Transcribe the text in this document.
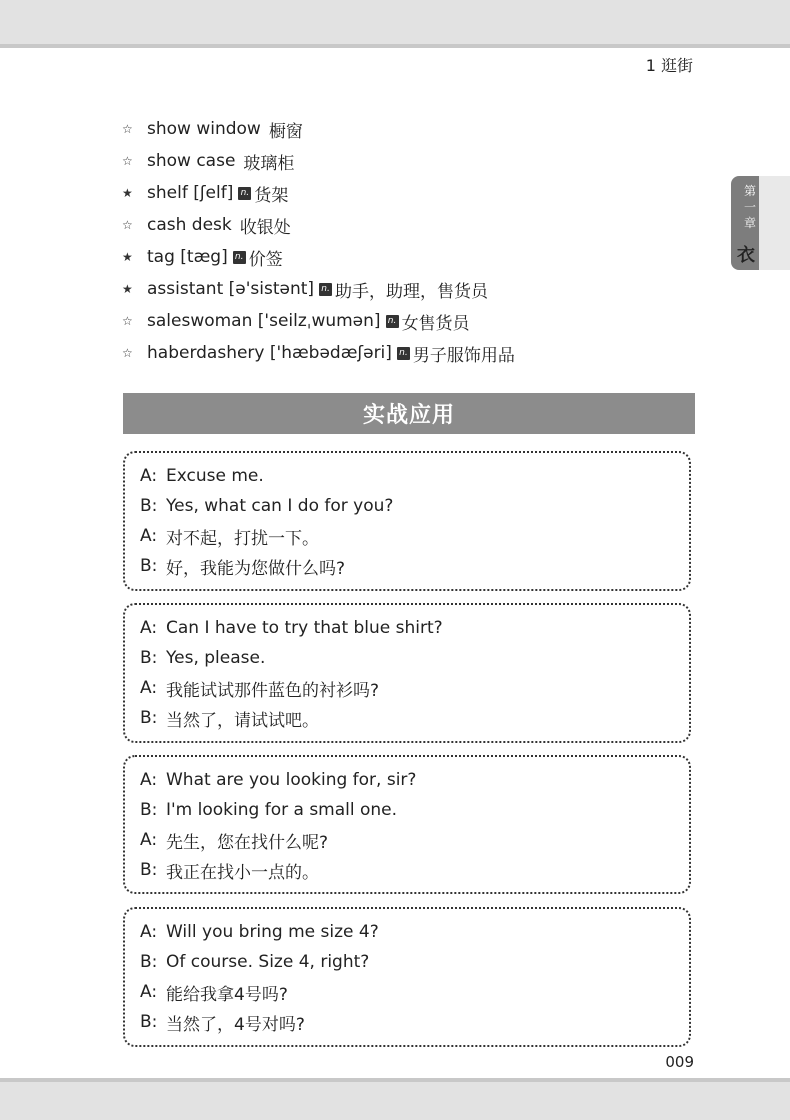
1 逛街
第
一
章
衣
☆ show window 橱窗
☆ show case 玻璃柜
★ shelf
[ʃelf] n. 货架
☆ cash desk 收银处
★ tag
[tæg] n. 价签
★ assistant
[ə'sistənt] n. 助手，助理，售货员
☆ saleswoman
['seilzˌwumən] n. 女售货员
☆ haberdashery
['hæbədæʃəri] n. 男子服饰用品
实战应用
A: Excuse me.
B: Yes, what can I do for you?
A: 对不起，打扰一下。
B: 好，我能为您做什么吗?
A: Can I have to try that blue shirt?
B: Yes, please.
A: 我能试试那件蓝色的衬衫吗?
B: 当然了，请试试吧。
A: What are you looking for, sir?
B: I'm looking for a small one.
A: 先生，您在找什么呢?
B: 我正在找小一点的。
A: Will you bring me size 4?
B: Of course. Size 4, right?
A: 能给我拿4号吗?
B: 当然了，4号对吗?
009
